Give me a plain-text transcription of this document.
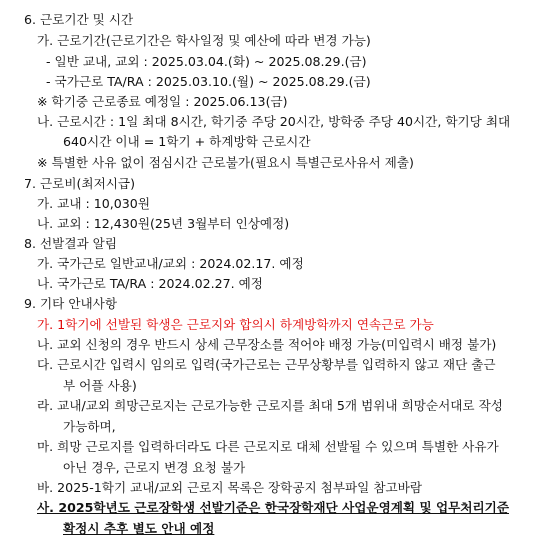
6. 근로기간 및 시간
가. 근로기간(근로기간은 학사일정 및 예산에 따라 변경 가능)
- 일반 교내, 교외 : 2025.03.04.(화) ~ 2025.08.29.(금)
- 국가근로 TA/RA : 2025.03.10.(월) ~ 2025.08.29.(금)
※ 학기중 근로종료 예정일 : 2025.06.13(금)
나. 근로시간 : 1일 최대 8시간, 학기중 주당 20시간, 방학중 주당 40시간, 학기당 최대
640시간 이내 = 1학기 + 하계방학 근로시간
※ 특별한 사유 없이 점심시간 근로불가(필요시 특별근로사유서 제출)
7. 근로비(최저시급)
가. 교내 : 10,030원
나. 교외 : 12,430원(25년 3월부터 인상예정)
8. 선발결과 알림
가. 국가근로 일반교내/교외 : 2024.02.17. 예정
나. 국가근로 TA/RA : 2024.02.27. 예정
9. 기타 안내사항
가. 1학기에 선발된 학생은 근로지와 합의시 하계방학까지 연속근로 가능
나. 교외 신청의 경우 반드시 상세 근무장소를 적어야 배정 가능(미입력시 배정 불가)
다. 근로시간 입력시 임의로 입력(국가근로는 근무상황부를 입력하지 않고 재단 출근
부 어플 사용)
라. 교내/교외 희망근로지는 근로가능한 근로지를 최대 5개 범위내 희망순서대로 작성
가능하며,
마. 희망 근로지를 입력하더라도 다른 근로지로 대체 선발될 수 있으며 특별한 사유가
아닌 경우, 근로지 변경 요청 불가
바. 2025-1학기 교내/교외 근로지 목록은 장학공지 첨부파일 참고바람
사. 2025학년도 근로장학생 선발기준은 한국장학재단 사업운영계획 및 업무처리기준
확정시 추후 별도 안내 예정
